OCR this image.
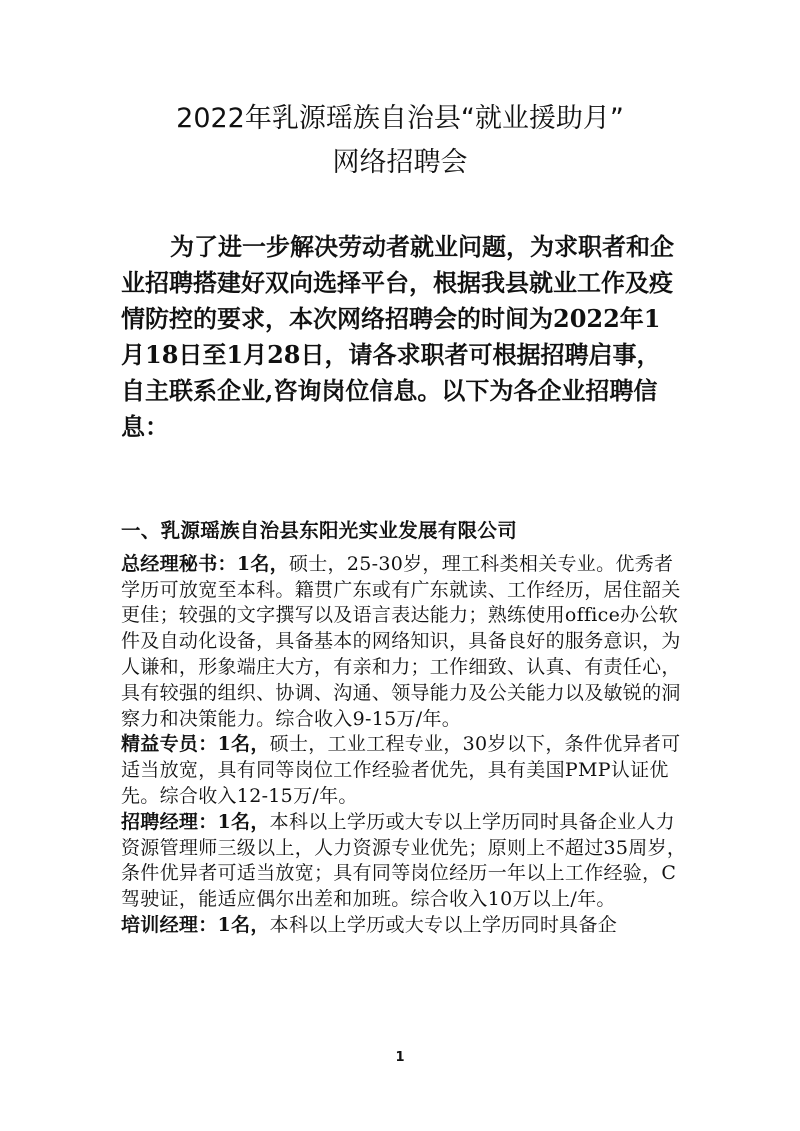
2022年乳源瑶族自治县“就业援助月”
网络招聘会

为了进一步解决劳动者就业问题，为求职者和企

业招聘搭建好双向选择平台，根据我县就业工作及疫

情防控的要求，本次网络招聘会的时间为2022年1

月18日至1月28日，请各求职者可根据招聘启事，

自主联系企业,咨询岗位信息。以下为各企业招聘信

息：

一、乳源瑶族自治县东阳光实业发展有限公司

总经理秘书：1名，硕士，25-30岁，理工科类相关专业。优秀者学历可放宽至本科。籍贯广东或有广东就读、工作经历，居住韶关更佳；较强的文字撰写以及语言表达能力；熟练使用office办公软件及自动化设备，具备基本的网络知识，具备良好的服务意识，为人谦和，形象端庄大方，有亲和力；工作细致、认真、有责任心，具有较强的组织、协调、沟通、领导能力及公关能力以及敏锐的洞察力和决策能力。综合收入9-15万/年。

精益专员：1名，硕士，工业工程专业，30岁以下，条件优异者可适当放宽，具有同等岗位工作经验者优先，具有美国PMP认证优先。综合收入12-15万/年。

招聘经理：1名，本科以上学历或大专以上学历同时具备企业人力资源管理师三级以上，人力资源专业优先；原则上不超过35周岁，条件优异者可适当放宽；具有同等岗位经历一年以上工作经验，C驾驶证，能适应偶尔出差和加班。综合收入10万以上/年。

培训经理：1名，本科以上学历或大专以上学历同时具备企

1
